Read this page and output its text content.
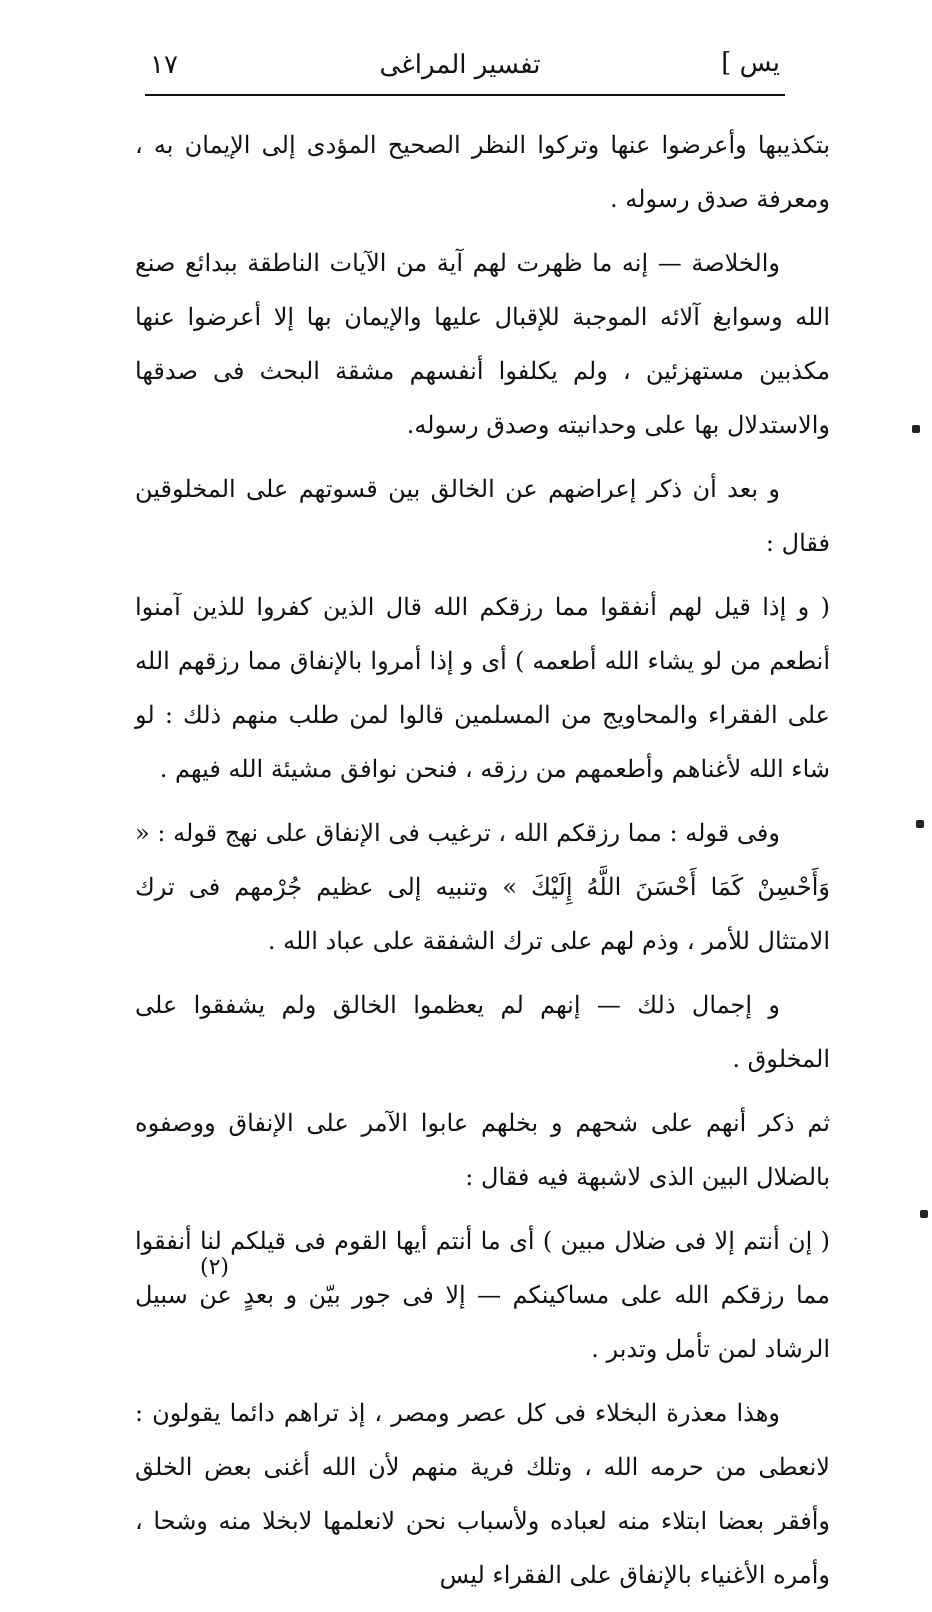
يس ]
تفسير المراغى
١٧

بتكذيبها وأعرضوا عنها وتركوا النظر الصحيح المؤدى إلى الإيمان به ، ومعرفة صدق رسوله .

والخلاصة — إنه ما ظهرت لهم آية من الآيات الناطقة ببدائع صنع الله وسوابغ آلائه الموجبة للإقبال عليها والإيمان بها إلا أعرضوا عنها مكذبين مستهزئين ، ولم يكلفوا أنفسهم مشقة البحث فى صدقها والاستدلال بها على وحدانيته وصدق رسوله.

و بعد أن ذكر إعراضهم عن الخالق بين قسوتهم على المخلوقين فقال :

( و إذا قيل لهم أنفقوا مما رزقكم الله قال الذين كفروا للذين آمنوا أنطعم من لو يشاء الله أطعمه ) أى و إذا أمروا بالإنفاق مما رزقهم الله على الفقراء والمحاويج من المسلمين قالوا لمن طلب منهم ذلك : لو شاء الله لأغناهم وأطعمهم من رزقه ، فنحن نوافق مشيئة الله فيهم .

وفى قوله : مما رزقكم الله ، ترغيب فى الإنفاق على نهج قوله : « وَأَحْسِنْ كَمَا أَحْسَنَ اللَّهُ إِلَيْكَ » وتنبيه إلى عظيم جُرْمهم فى ترك الامتثال للأمر ، وذم لهم على ترك الشفقة على عباد الله .

و إجمال ذلك — إنهم لم يعظموا الخالق ولم يشفقوا على المخلوق .

ثم ذكر أنهم على شحهم و بخلهم عابوا الآمر على الإنفاق ووصفوه بالضلال البين الذى لاشبهة فيه فقال :

( إن أنتم إلا فى ضلال مبين ) أى ما أنتم أيها القوم فى قيلكم لنا أنفقوا مما رزقكم الله على مساكينكم — إلا فى جور بيّن و بعدٍ عن سبيل الرشاد لمن تأمل وتدبر .

وهذا معذرة البخلاء فى كل عصر ومصر ، إذ تراهم دائما يقولون : لانعطى من حرمه الله ، وتلك فرية منهم لأن الله أغنى بعض الخلق وأفقر بعضا ابتلاء منه لعباده ولأسباب نحن لانعلمها لابخلا منه وشحا ، وأمره الأغنياء بالإنفاق على الفقراء ليس

(٢)
